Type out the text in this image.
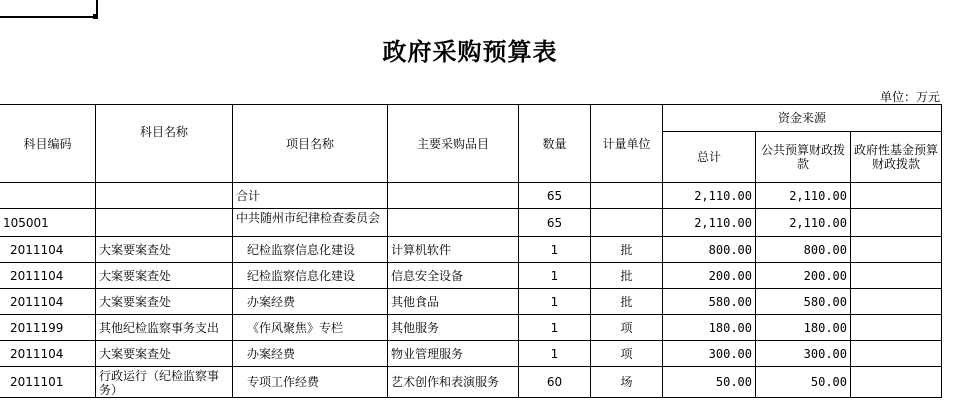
政府采购预算表
单位：万元
科目编码	科目名称	项目名称	主要采购品目	数量	计量单位	资金来源		
						总计	公共预算财政拨款	政府性基金预算财政拨款
		合计		65		2,110.00	2,110.00	
105001		中共随州市纪律检查委员会		65		2,110.00	2,110.00	
2011104	大案要案查处	纪检监察信息化建设	计算机软件	1	批	800.00	800.00	
2011104	大案要案查处	纪检监察信息化建设	信息安全设备	1	批	200.00	200.00	
2011104	大案要案查处	办案经费	其他食品	1	批	580.00	580.00	
2011199	其他纪检监察事务支出	《作风聚焦》专栏	其他服务	1	项	180.00	180.00	
2011104	大案要案查处	办案经费	物业管理服务	1	项	300.00	300.00	
2011101	行政运行（纪检监察事务）	专项工作经费	艺术创作和表演服务	60	场	50.00	50.00	
